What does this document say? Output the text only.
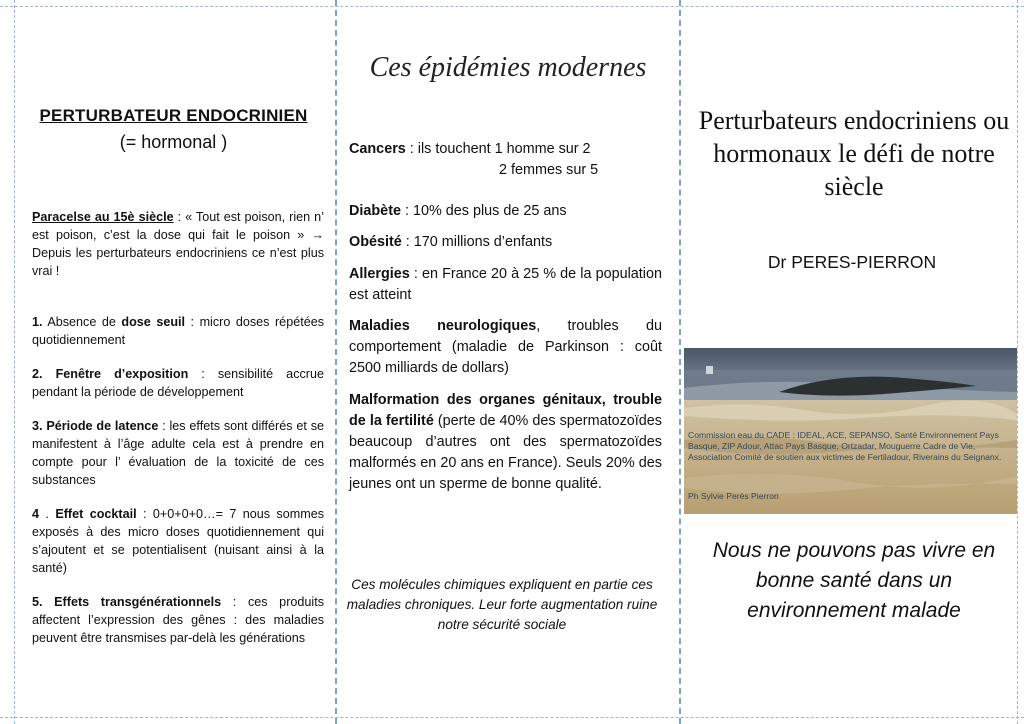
PERTURBATEUR ENDOCRINIEN
(= hormonal )

Paracelse au 15è siècle : « Tout est poison, rien n’ est poison, c’est la dose qui fait le poison » → Depuis les perturbateurs endocriniens ce n’est plus vrai !

1. Absence de dose seuil : micro doses répétées quotidiennement

2. Fenêtre d’exposition : sensibilité accrue pendant la période de développement

3. Période de latence : les effets sont différés et se manifestent à l’âge adulte cela est à prendre en compte pour l’ évaluation de la toxicité de ces substances

4 . Effet cocktail : 0+0+0+0…= 7 nous sommes exposés à des micro doses quotidiennement qui s’ajoutent et se potentialisent (nuisant ainsi à la santé)

5. Effets transgénérationnels : ces produits affectent l’expression des gênes : des maladies peuvent être transmises par-delà les générations

Ces épidémies modernes

Cancers : ils touchent 1 homme sur 2
2 femmes sur 5

Diabète : 10% des plus de 25 ans

Obésité : 170 millions d’enfants

Allergies : en France 20 à 25 % de la population est atteint

Maladies neurologiques, troubles du comportement (maladie de Parkinson : coût 2500 milliards de dollars)

Malformation des organes génitaux, trouble de la fertilité (perte de 40% des spermatozoïdes beaucoup d’autres ont des spermatozoïdes malformés en 20 ans en France). Seuls 20% des jeunes ont un sperme de bonne qualité.

Ces molécules chimiques expliquent en partie ces maladies chroniques. Leur forte augmentation ruine notre sécurité sociale

Perturbateurs endocriniens ou hormonaux le défi de notre siècle

Dr PERES-PIERRON

Commission eau du CADE : IDEAL, ACE, SEPANSO, Santé Environnement Pays Basque, ZIP Adour, Attac Pays Basque, Ortzadar, Mouguerre Cadre de Vie, Association Comité de soutien aux victimes de Fertiladour, Riverains du Seignanx.

Ph Sylvie Perès Pierron

Nous ne pouvons pas vivre en bonne santé dans un environnement malade
